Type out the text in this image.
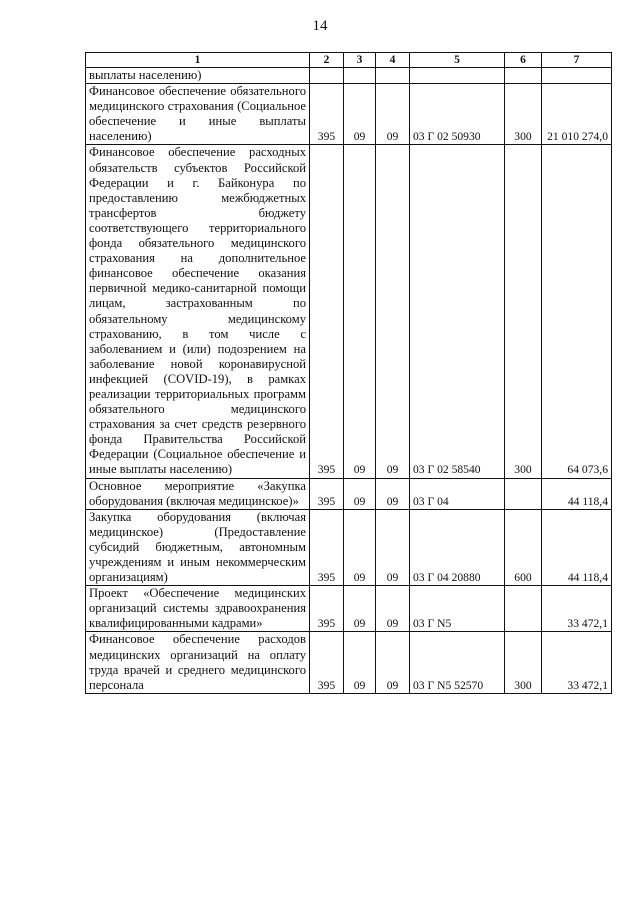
14
1	2	3	4	5	6	7
выплаты населению)						
Финансовое обеспечение обязательного медицинского страхования (Социальное обеспечение и иные выплаты населению)	395	09	09	03 Г 02 50930	300	21 010 274,0
Финансовое обеспечение расходных обязательств субъектов Российской Федерации и г. Байконура по предоставлению межбюджетных трансфертов бюджету соответствующего территориального фонда обязательного медицинского страхования на дополнительное финансовое обеспечение оказания первичной медико-санитарной помощи лицам, застрахованным по обязательному медицинскому страхованию, в том числе с заболеванием и (или) подозрением на заболевание новой коронавирусной инфекцией (COVID-19), в рамках реализации территориальных программ обязательного медицинского страхования за счет средств резервного фонда Правительства Российской Федерации (Социальное обеспечение и иные выплаты населению)	395	09	09	03 Г 02 58540	300	64 073,6
Основное мероприятие «Закупка оборудования (включая медицинское)»	395	09	09	03 Г 04		44 118,4
Закупка оборудования (включая медицинское) (Предоставление субсидий бюджетным, автономным учреждениям и иным некоммерческим организациям)	395	09	09	03 Г 04 20880	600	44 118,4
Проект «Обеспечение медицинских организаций системы здравоохранения квалифицированными кадрами»	395	09	09	03 Г N5		33 472,1
Финансовое обеспечение расходов медицинских организаций на оплату труда врачей и среднего медицинского персонала	395	09	09	03 Г N5 52570	300	33 472,1
